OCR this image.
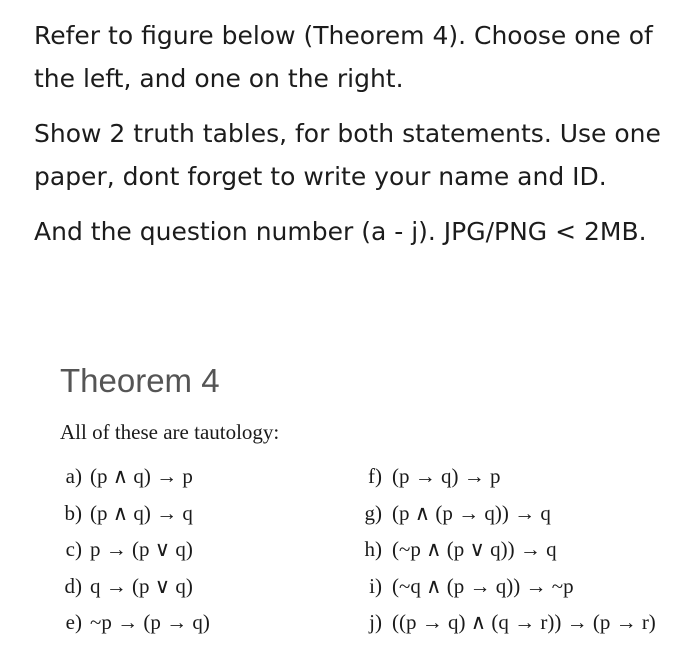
Refer to figure below (Theorem 4). Choose one of the left, and one on the right.

Show 2 truth tables, for both statements. Use one paper, dont forget to write your name and ID.

And the question number (a - j). JPG/PNG < 2MB.

Theorem 4
All of these are tautology:
a) (p ∧ q) → p
b) (p ∧ q) → q
c) p → (p ∨ q)
d) q → (p ∨ q)
e) ~p → (p → q)
f) (p → q) → p
g) (p ∧ (p → q)) → q
h) (~p ∧ (p ∨ q)) → q
i) (~q ∧ (p → q)) → ~p
j) ((p → q) ∧ (q → r)) → (p → r)
